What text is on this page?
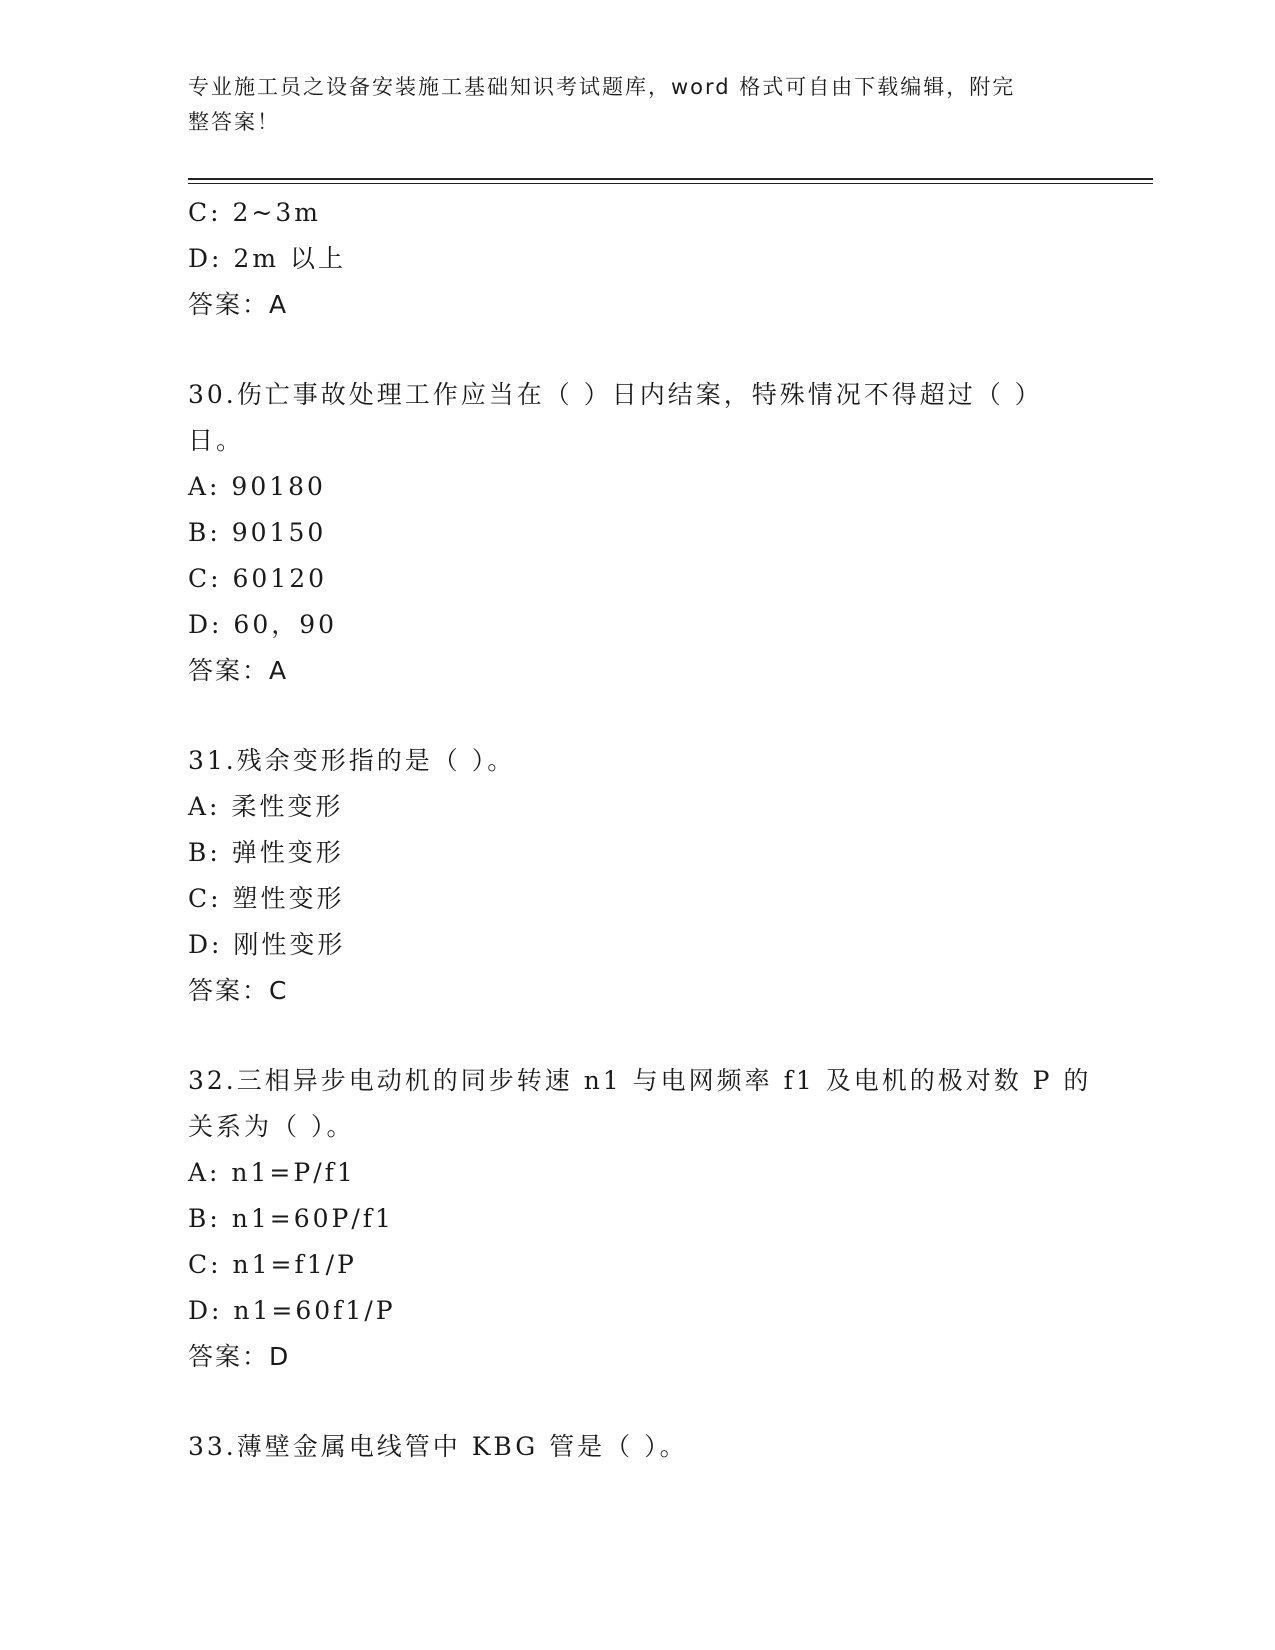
专业施工员之设备安装施工基础知识考试题库，word 格式可自由下载编辑，附完
整答案！
C: 2~3m
D: 2m 以上
答案：A
30.伤亡事故处理工作应当在（ ）日内结案，特殊情况不得超过（ ）
日。
A: 90180
B: 90150
C: 60120
D: 60，90
答案：A
31.残余变形指的是（ ）。
A: 柔性变形
B: 弹性变形
C: 塑性变形
D: 刚性变形
答案：C
32.三相异步电动机的同步转速 n1 与电网频率 f1 及电机的极对数 P 的
关系为（ ）。
A: n1=P/f1
B: n1=60P/f1
C: n1=f1/P
D: n1=60f1/P
答案：D
33.薄壁金属电线管中 KBG 管是（ ）。
